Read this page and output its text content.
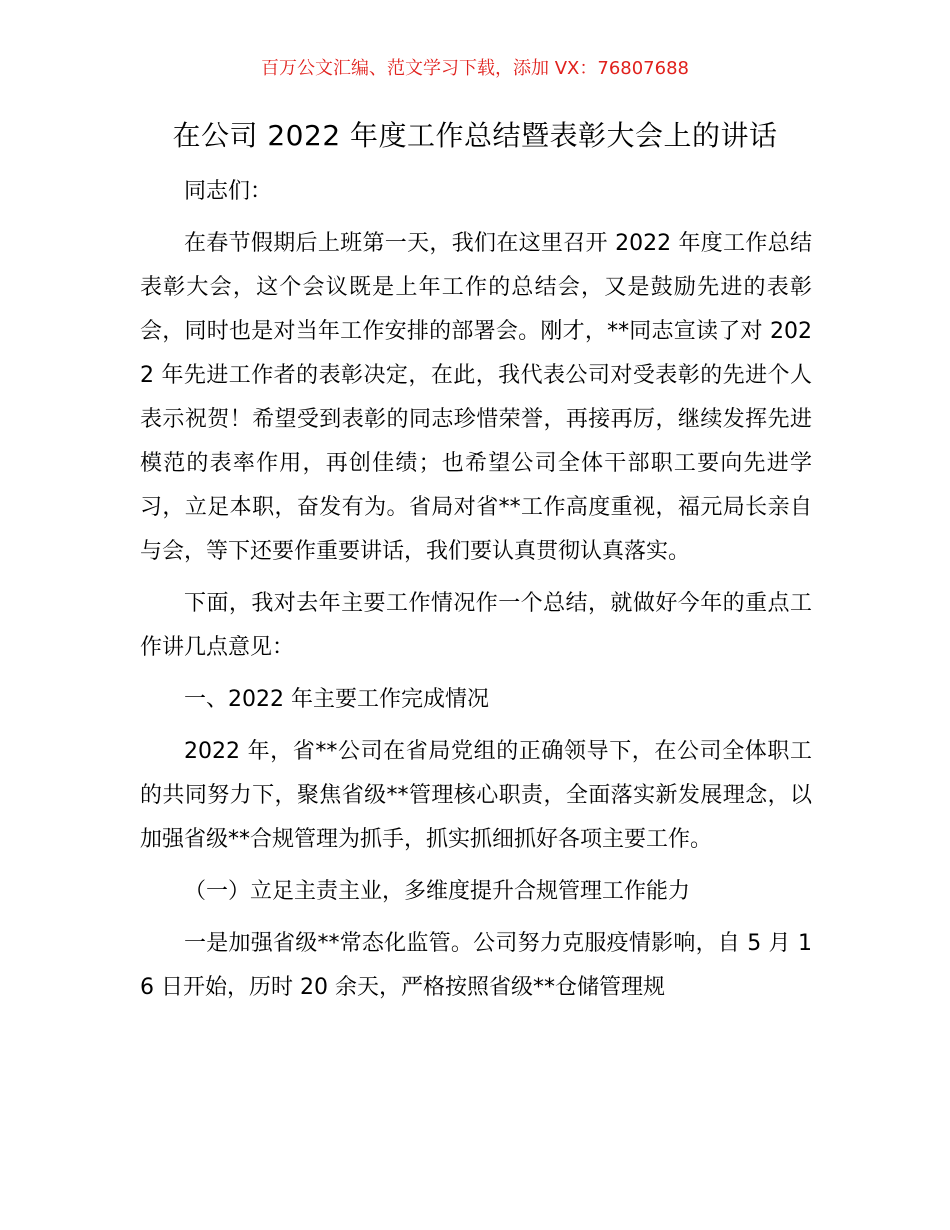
百万公文汇编、范文学习下载，添加 VX：76807688
在公司 2022 年度工作总结暨表彰大会上的讲话

同志们：

在春节假期后上班第一天，我们在这里召开 2022 年度工作总结表彰大会，这个会议既是上年工作的总结会，又是鼓励先进的表彰会，同时也是对当年工作安排的部署会。刚才，**同志宣读了对 2022 年先进工作者的表彰决定，在此，我代表公司对受表彰的先进个人表示祝贺！希望受到表彰的同志珍惜荣誉，再接再厉，继续发挥先进模范的表率作用，再创佳绩；也希望公司全体干部职工要向先进学习，立足本职，奋发有为。省局对省**工作高度重视，福元局长亲自与会，等下还要作重要讲话，我们要认真贯彻认真落实。

下面，我对去年主要工作情况作一个总结，就做好今年的重点工作讲几点意见：

一、2022 年主要工作完成情况

2022 年，省**公司在省局党组的正确领导下，在公司全体职工的共同努力下，聚焦省级**管理核心职责，全面落实新发展理念，以加强省级**合规管理为抓手，抓实抓细抓好各项主要工作。

（一）立足主责主业，多维度提升合规管理工作能力

一是加强省级**常态化监管。公司努力克服疫情影响，自 5 月 16 日开始，历时 20 余天，严格按照省级**仓储管理规
